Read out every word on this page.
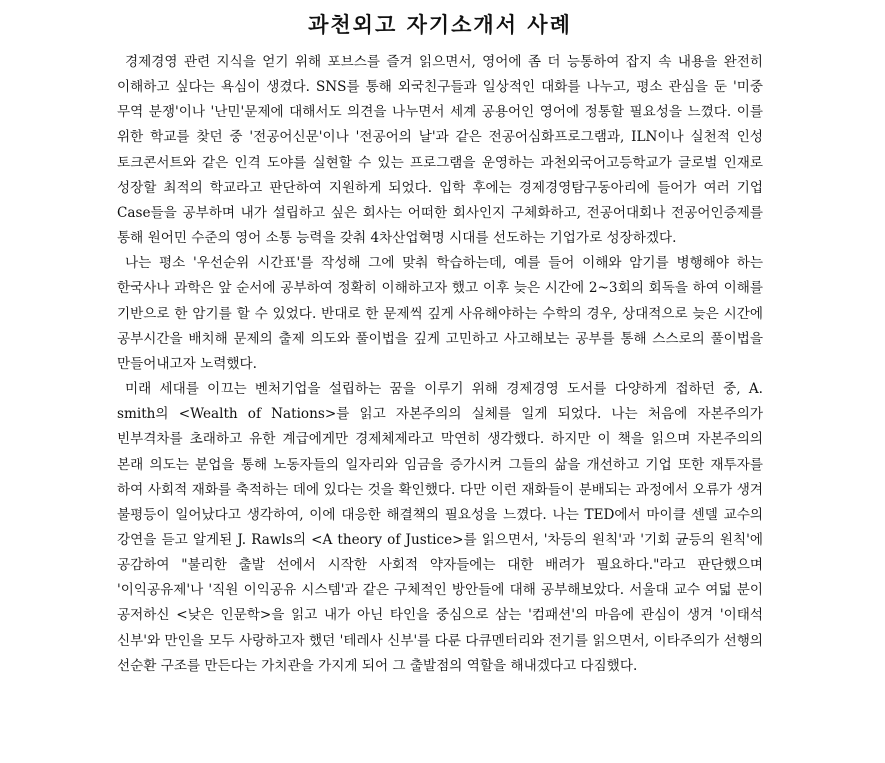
과천외고 자기소개서 사례

경제경영 관련 지식을 얻기 위해 포브스를 즐겨 읽으면서, 영어에 좀 더 능통하여 잡지 속 내용을 완전히 이해하고 싶다는 욕심이 생겼다. SNS를 통해 외국친구들과 일상적인 대화를 나누고, 평소 관심을 둔 '미중 무역 분쟁'이나 '난민'문제에 대해서도 의견을 나누면서 세계 공용어인 영어에 정통할 필요성을 느꼈다. 이를 위한 학교를 찾던 중 '전공어신문'이나 '전공어의 날'과 같은 전공어심화프로그램과, ILN이나 실천적 인성 토크콘서트와 같은 인격 도야를 실현할 수 있는 프로그램을 운영하는 과천외국어고등학교가 글로벌 인재로 성장할 최적의 학교라고 판단하여 지원하게 되었다. 입학 후에는 경제경영탐구동아리에 들어가 여러 기업 Case들을 공부하며 내가 설립하고 싶은 회사는 어떠한 회사인지 구체화하고, 전공어대회나 전공어인증제를 통해 원어민 수준의 영어 소통 능력을 갖춰 4차산업혁명 시대를 선도하는 기업가로 성장하겠다.

나는 평소 '우선순위 시간표'를 작성해 그에 맞춰 학습하는데, 예를 들어 이해와 암기를 병행해야 하는 한국사나 과학은 앞 순서에 공부하여 정확히 이해하고자 했고 이후 늦은 시간에 2~3회의 회독을 하여 이해를 기반으로 한 암기를 할 수 있었다. 반대로 한 문제씩 깊게 사유해야하는 수학의 경우, 상대적으로 늦은 시간에 공부시간을 배치해 문제의 출제 의도와 풀이법을 깊게 고민하고 사고해보는 공부를 통해 스스로의 풀이법을 만들어내고자 노력했다.

미래 세대를 이끄는 벤처기업을 설립하는 꿈을 이루기 위해 경제경영 도서를 다양하게 접하던 중, A. smith의 <Wealth of Nations>를 읽고 자본주의의 실체를 일게 되었다. 나는 처음에 자본주의가 빈부격차를 초래하고 유한 계급에게만 경제체제라고 막연히 생각했다. 하지만 이 책을 읽으며 자본주의의 본래 의도는 분업을 통해 노동자들의 일자리와 임금을 증가시켜 그들의 삶을 개선하고 기업 또한 재투자를 하여 사회적 재화를 축적하는 데에 있다는 것을 확인했다. 다만 이런 재화들이 분배되는 과정에서 오류가 생겨 불평등이 일어났다고 생각하여, 이에 대응한 해결책의 필요성을 느꼈다. 나는 TED에서 마이클 센델 교수의 강연을 듣고 알게된 J. Rawls의 <A theory of Justice>를 읽으면서, '차등의 원칙'과 '기회 균등의 원칙'에 공감하여 "불리한 출발 선에서 시작한 사회적 약자들에는 대한 배려가 필요하다."라고 판단했으며 '이익공유제'나 '직원 이익공유 시스템'과 같은 구체적인 방안들에 대해 공부해보았다. 서울대 교수 여덟 분이 공저하신 <낮은 인문학>을 읽고 내가 아닌 타인을 중심으로 삼는 '컴패션'의 마음에 관심이 생겨 '이태석 신부'와 만인을 모두 사랑하고자 했던 '테레사 신부'를 다룬 다큐멘터리와 전기를 읽으면서, 이타주의가 선행의 선순환 구조를 만든다는 가치관을 가지게 되어 그 출발점의 역할을 해내겠다고 다짐했다.
